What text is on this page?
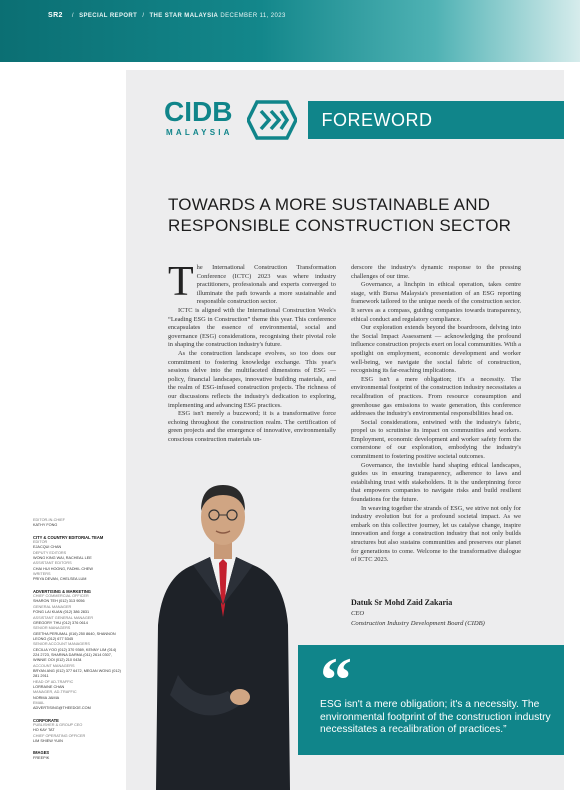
SR2 / SPECIAL REPORT / THE STAR MALAYSIA DECEMBER 11, 2023
CIDB
MALAYSIA
FOREWORD
TOWARDS A MORE SUSTAINABLE AND RESPONSIBLE CONSTRUCTION SECTOR

The International Construction Transformation Conference (ICTC) 2023 was where industry practitioners, professionals and experts converged to illuminate the path towards a more sustainable and responsible construction sector.

ICTC is aligned with the International Construction Week's “Leading ESG in Construction” theme this year. This conference encapsulates the essence of environmental, social and governance (ESG) considerations, recognising their pivotal role in shaping the construction industry's future.

As the construction landscape evolves, so too does our commitment to fostering knowledge exchange. This year's sessions delve into the multifaceted dimensions of ESG — policy, financial landscapes, innovative building materials, and the realm of ESG-infused construction projects. The richness of our discussions reflects the industry's dedication to exploring, implementing and advancing ESG practices.

ESG isn't merely a buzzword; it is a transformative force echoing throughout the construction realm. The certification of green projects and the emergence of innovative, environmentally conscious construction materials un-

derscore the industry's dynamic response to the pressing challenges of our time.

Governance, a linchpin in ethical operation, takes centre stage, with Bursa Malaysia's presentation of an ESG reporting framework tailored to the unique needs of the construction sector. It serves as a compass, guiding companies towards transparency, ethical conduct and regulatory compliance.

Our exploration extends beyond the boardroom, delving into the Social Impact Assessment — acknowledging the profound influence construction projects exert on local communities. With a spotlight on employment, economic development and worker well-being, we navigate the social fabric of construction, recognising its far-reaching implications.

ESG isn't a mere obligation; it's a necessity. The environmental footprint of the construction industry necessitates a recalibration of practices. From resource consumption and greenhouse gas emissions to waste generation, this conference addresses the industry's environmental responsibilities head on.

Social considerations, entwined with the industry's fabric, propel us to scrutinise its impact on communities and workers. Employment, economic development and worker safety form the cornerstone of our exploration, embodying the industry's commitment to fostering positive societal outcomes.

Governance, the invisible hand shaping ethical landscapes, guides us in ensuring transparency, adherence to laws and establishing trust with stakeholders. It is the underpinning force that empowers companies to navigate risks and build resilient foundations for the future.

In weaving together the strands of ESG, we strive not only for industry evolution but for a profound societal impact. As we embark on this collective journey, let us catalyse change, inspire innovation and forge a construction industry that not only builds structures but also sustains communities and preserves our planet for generations to come. Welcome to the transformative dialogue of ICTC 2023.

Datuk Sr Mohd Zaid Zakaria
CEO
Construction Industry Development Board (CIDB)
“
ESG isn't a mere obligation; it's a necessity. The environmental footprint of the construction industry necessitates a recalibration of practices.”
EDITOR-IN-CHIEF
KATHY FONG
CITY & COUNTRY EDITORIAL TEAM
EDITOR
EJACQUI CHAN
DEPUTY EDITORS
WONG KING WAI, RACHEAL LEE
ASSISTANT EDITORS
CHAI HUI HOONG, FADHIL CHEW
WRITERS
PRIYA DEVAN, CHELSEA LUM
ADVERTISING & MARKETING
CHIEF COMMERCIAL OFFICER
SHARON TEH (012) 313 9056
GENERAL MANAGER
FONG LAI KUAN (012) 386 2831
ASSISTANT GENERAL MANAGER
GREGORY THU (012) 376 0614
SENIOR MANAGERS
GEETHA PERUMAL (016) 250 8640, SHANNON LEONG (012) 677 5345
SENIOR ACCOUNT MANAGERS
CECILIA YOO (012) 370 9369, KENNY LIM (014) 224 2723, SHARINA DARMA (011) 2614 0307, WINNIE OOI (012) 210 0434
ACCOUNT MANAGERS
BRYAN ANG (012) 377 6472, MEGAN WONG (012) 281 2911
HEAD OF AD-TRAFFIC
LORRAINE CHAN
MANAGER, AD-TRAFFIC
NORMA JAMIA
EMAIL
ADVERTISING@THEEDGE.COM
CORPORATE
PUBLISHER & GROUP CEO
HO KAY TAT
CHIEF OPERATING OFFICER
LIM SHIEW YUIN
IMAGES
FREEPIK
